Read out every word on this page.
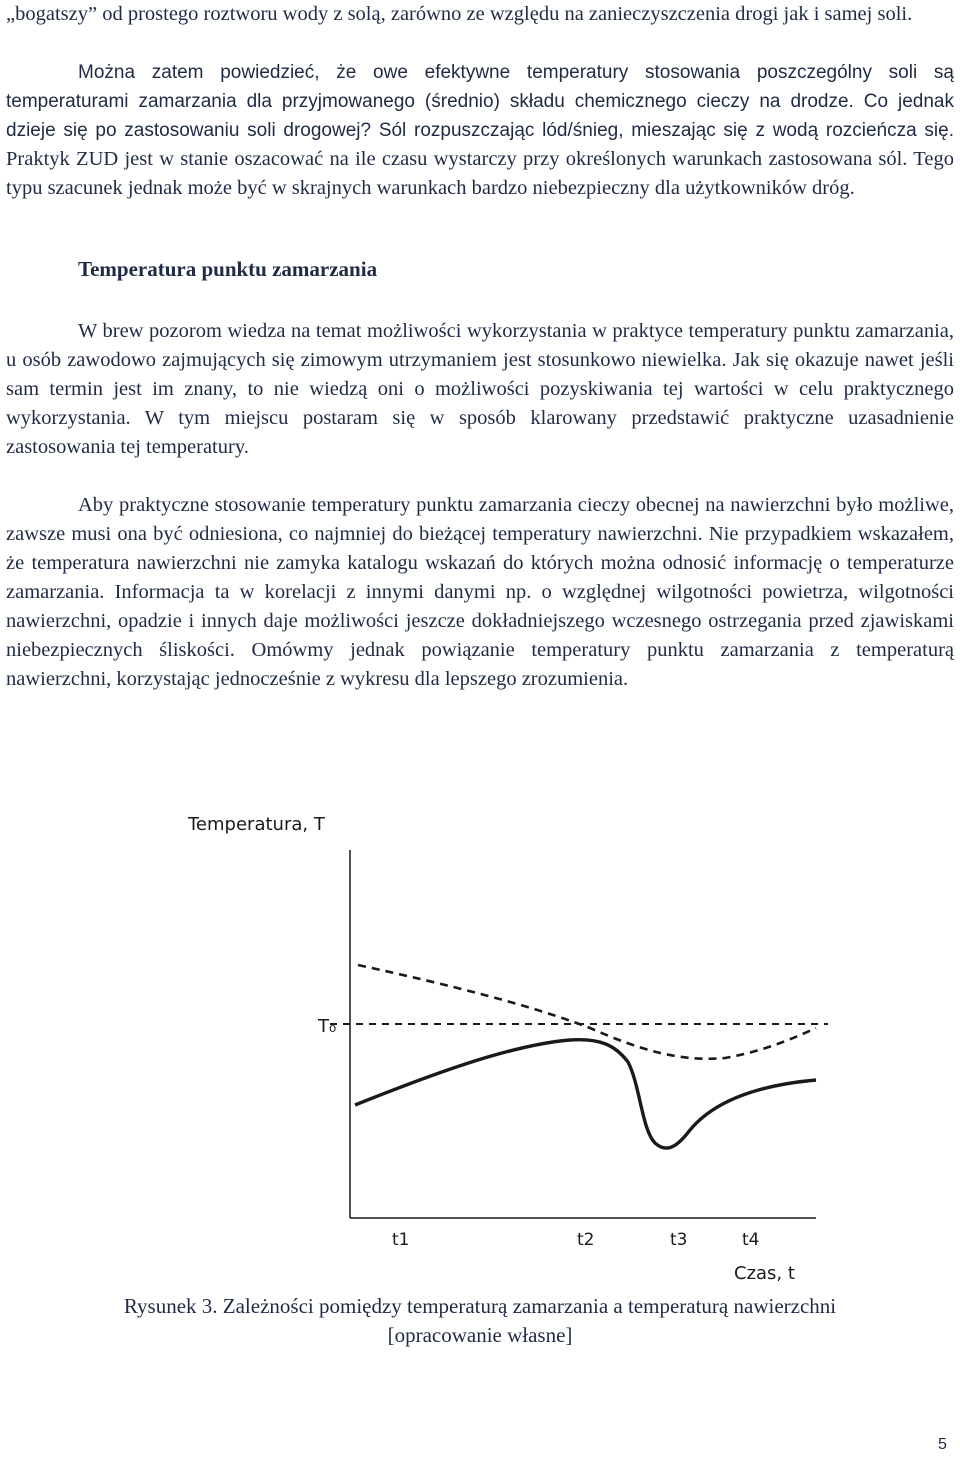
„bogatszy” od prostego roztworu wody z solą, zarówno ze względu na zanieczyszczenia drogi jak i samej soli.

Można zatem powiedzieć, że owe efektywne temperatury stosowania poszczególny soli są temperaturami zamarzania dla przyjmowanego (średnio) składu chemicznego cieczy na drodze. Co jednak dzieje się po zastosowaniu soli drogowej? Sól rozpuszczając lód/śnieg, mieszając się z wodą rozcieńcza się. Praktyk ZUD jest w stanie oszacować na ile czasu wystarczy przy określonych warunkach zastosowana sól. Tego typu szacunek jednak może być w skrajnych warunkach bardzo niebezpieczny dla użytkowników dróg.

Temperatura punktu zamarzania

W brew pozorom wiedza na temat możliwości wykorzystania w praktyce temperatury punktu zamarzania, u osób zawodowo zajmujących się zimowym utrzymaniem jest stosunkowo niewielka. Jak się okazuje nawet jeśli sam termin jest im znany, to nie wiedzą oni o możliwości pozyskiwania tej wartości w celu praktycznego wykorzystania. W tym miejscu postaram się w sposób klarowany przedstawić praktyczne uzasadnienie zastosowania tej temperatury.

Aby praktyczne stosowanie temperatury punktu zamarzania cieczy obecnej na nawierzchni było możliwe, zawsze musi ona być odniesiona, co najmniej do bieżącej temperatury nawierzchni. Nie przypadkiem wskazałem, że temperatura nawierzchni nie zamyka katalogu wskazań do których można odnosić informację o temperaturze zamarzania. Informacja ta w korelacji z innymi danymi np. o względnej wilgotności powietrza, wilgotności nawierzchni, opadzie i innych daje możliwości jeszcze dokładniejszego wczesnego ostrzegania przed zjawiskami niebezpiecznych śliskości. Omówmy jednak powiązanie temperatury punktu zamarzania z temperaturą nawierzchni, korzystając jednocześnie z wykresu dla lepszego zrozumienia.

Temperatura, T
T₀
t1	t2	t3	t4
Czas, t

Rysunek 3. Zależności pomiędzy temperaturą zamarzania a temperaturą nawierzchni

[opracowanie własne]

5
